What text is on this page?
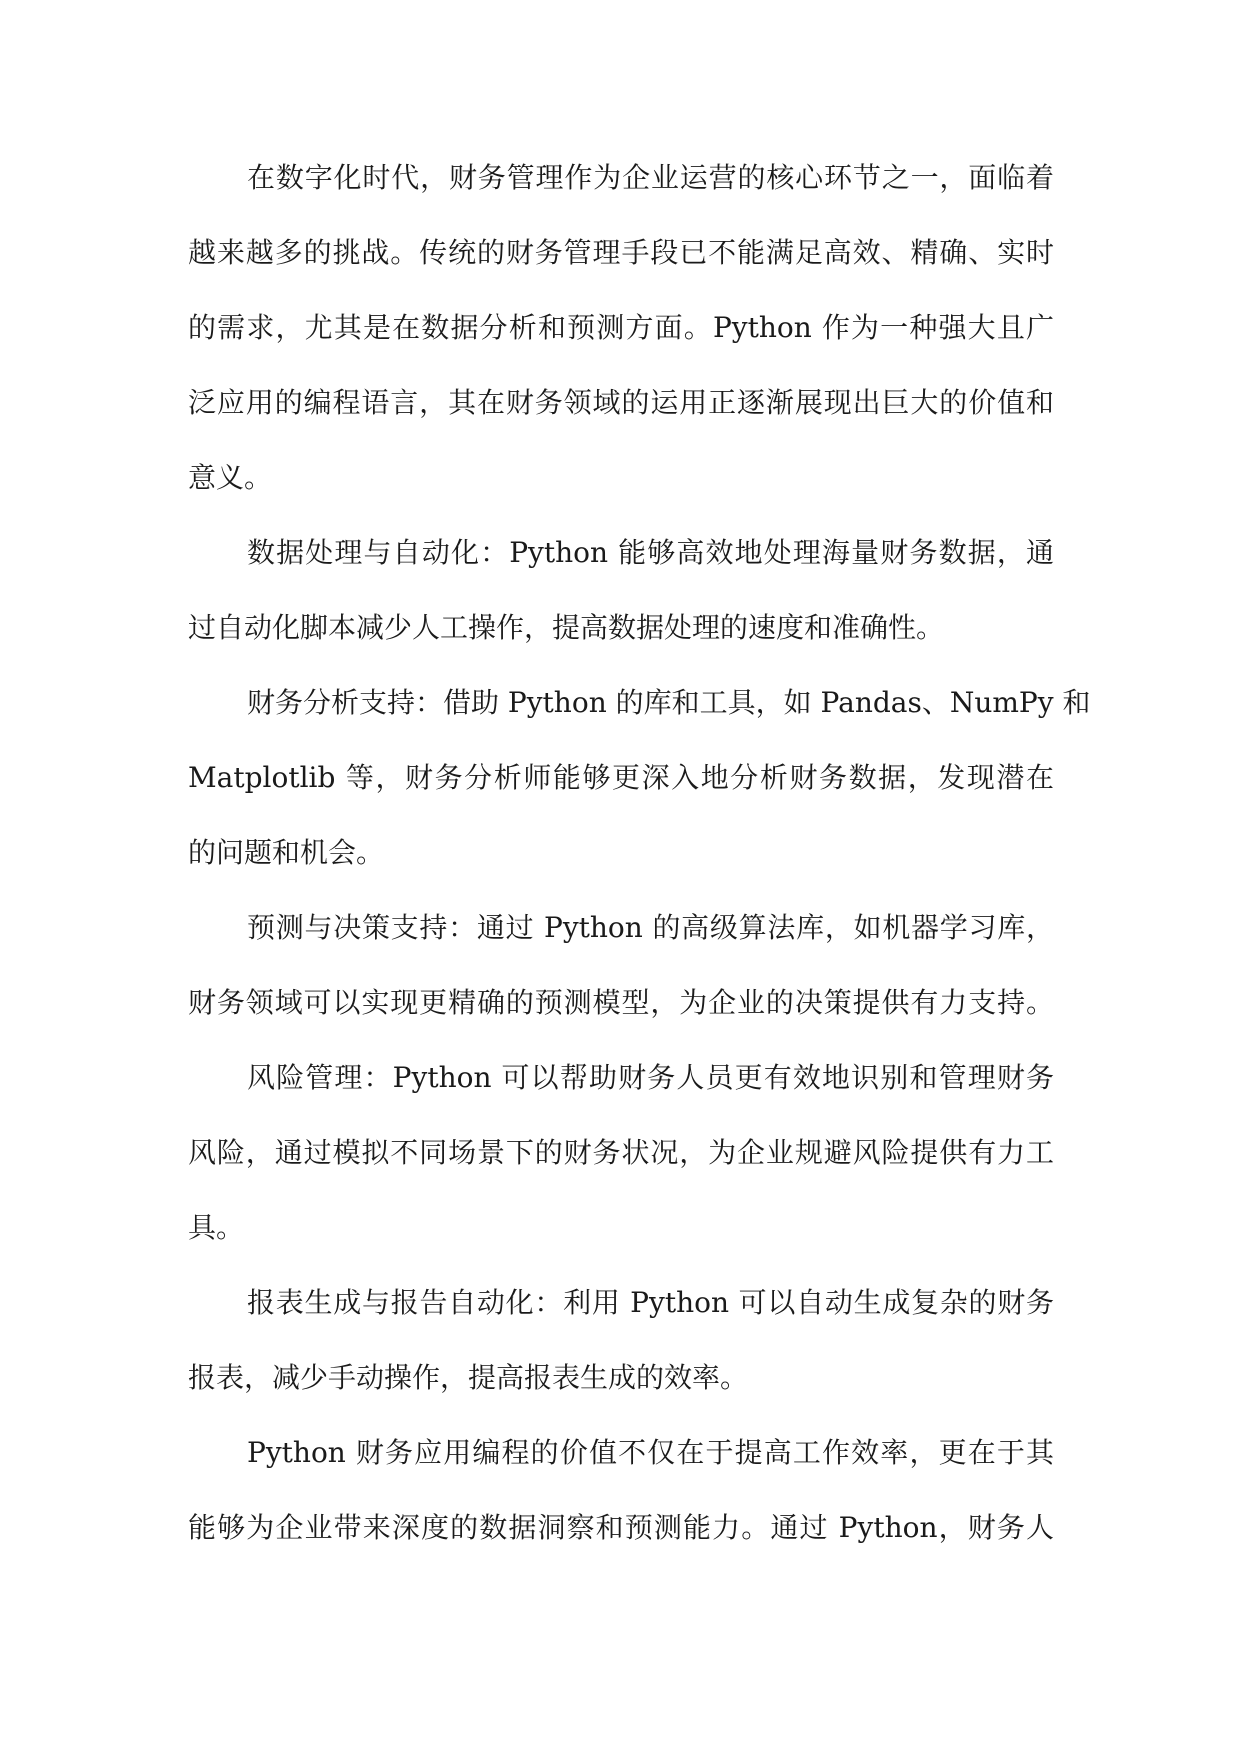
在数字化时代，财务管理作为企业运营的核心环节之一，面临着
越来越多的挑战。传统的财务管理手段已不能满足高效、精确、实时
的需求，尤其是在数据分析和预测方面。Python 作为一种强大且广
泛应用的编程语言，其在财务领域的运用正逐渐展现出巨大的价值和
意义。
数据处理与自动化：Python 能够高效地处理海量财务数据，通
过自动化脚本减少人工操作，提高数据处理的速度和准确性。
财务分析支持：借助 Python 的库和工具，如 Pandas、NumPy 和
Matplotlib 等，财务分析师能够更深入地分析财务数据，发现潜在
的问题和机会。
预测与决策支持：通过 Python 的高级算法库，如机器学习库，
财务领域可以实现更精确的预测模型，为企业的决策提供有力支持。
风险管理：Python 可以帮助财务人员更有效地识别和管理财务
风险，通过模拟不同场景下的财务状况，为企业规避风险提供有力工
具。
报表生成与报告自动化：利用 Python 可以自动生成复杂的财务
报表，减少手动操作，提高报表生成的效率。
Python 财务应用编程的价值不仅在于提高工作效率，更在于其
能够为企业带来深度的数据洞察和预测能力。通过 Python，财务人
